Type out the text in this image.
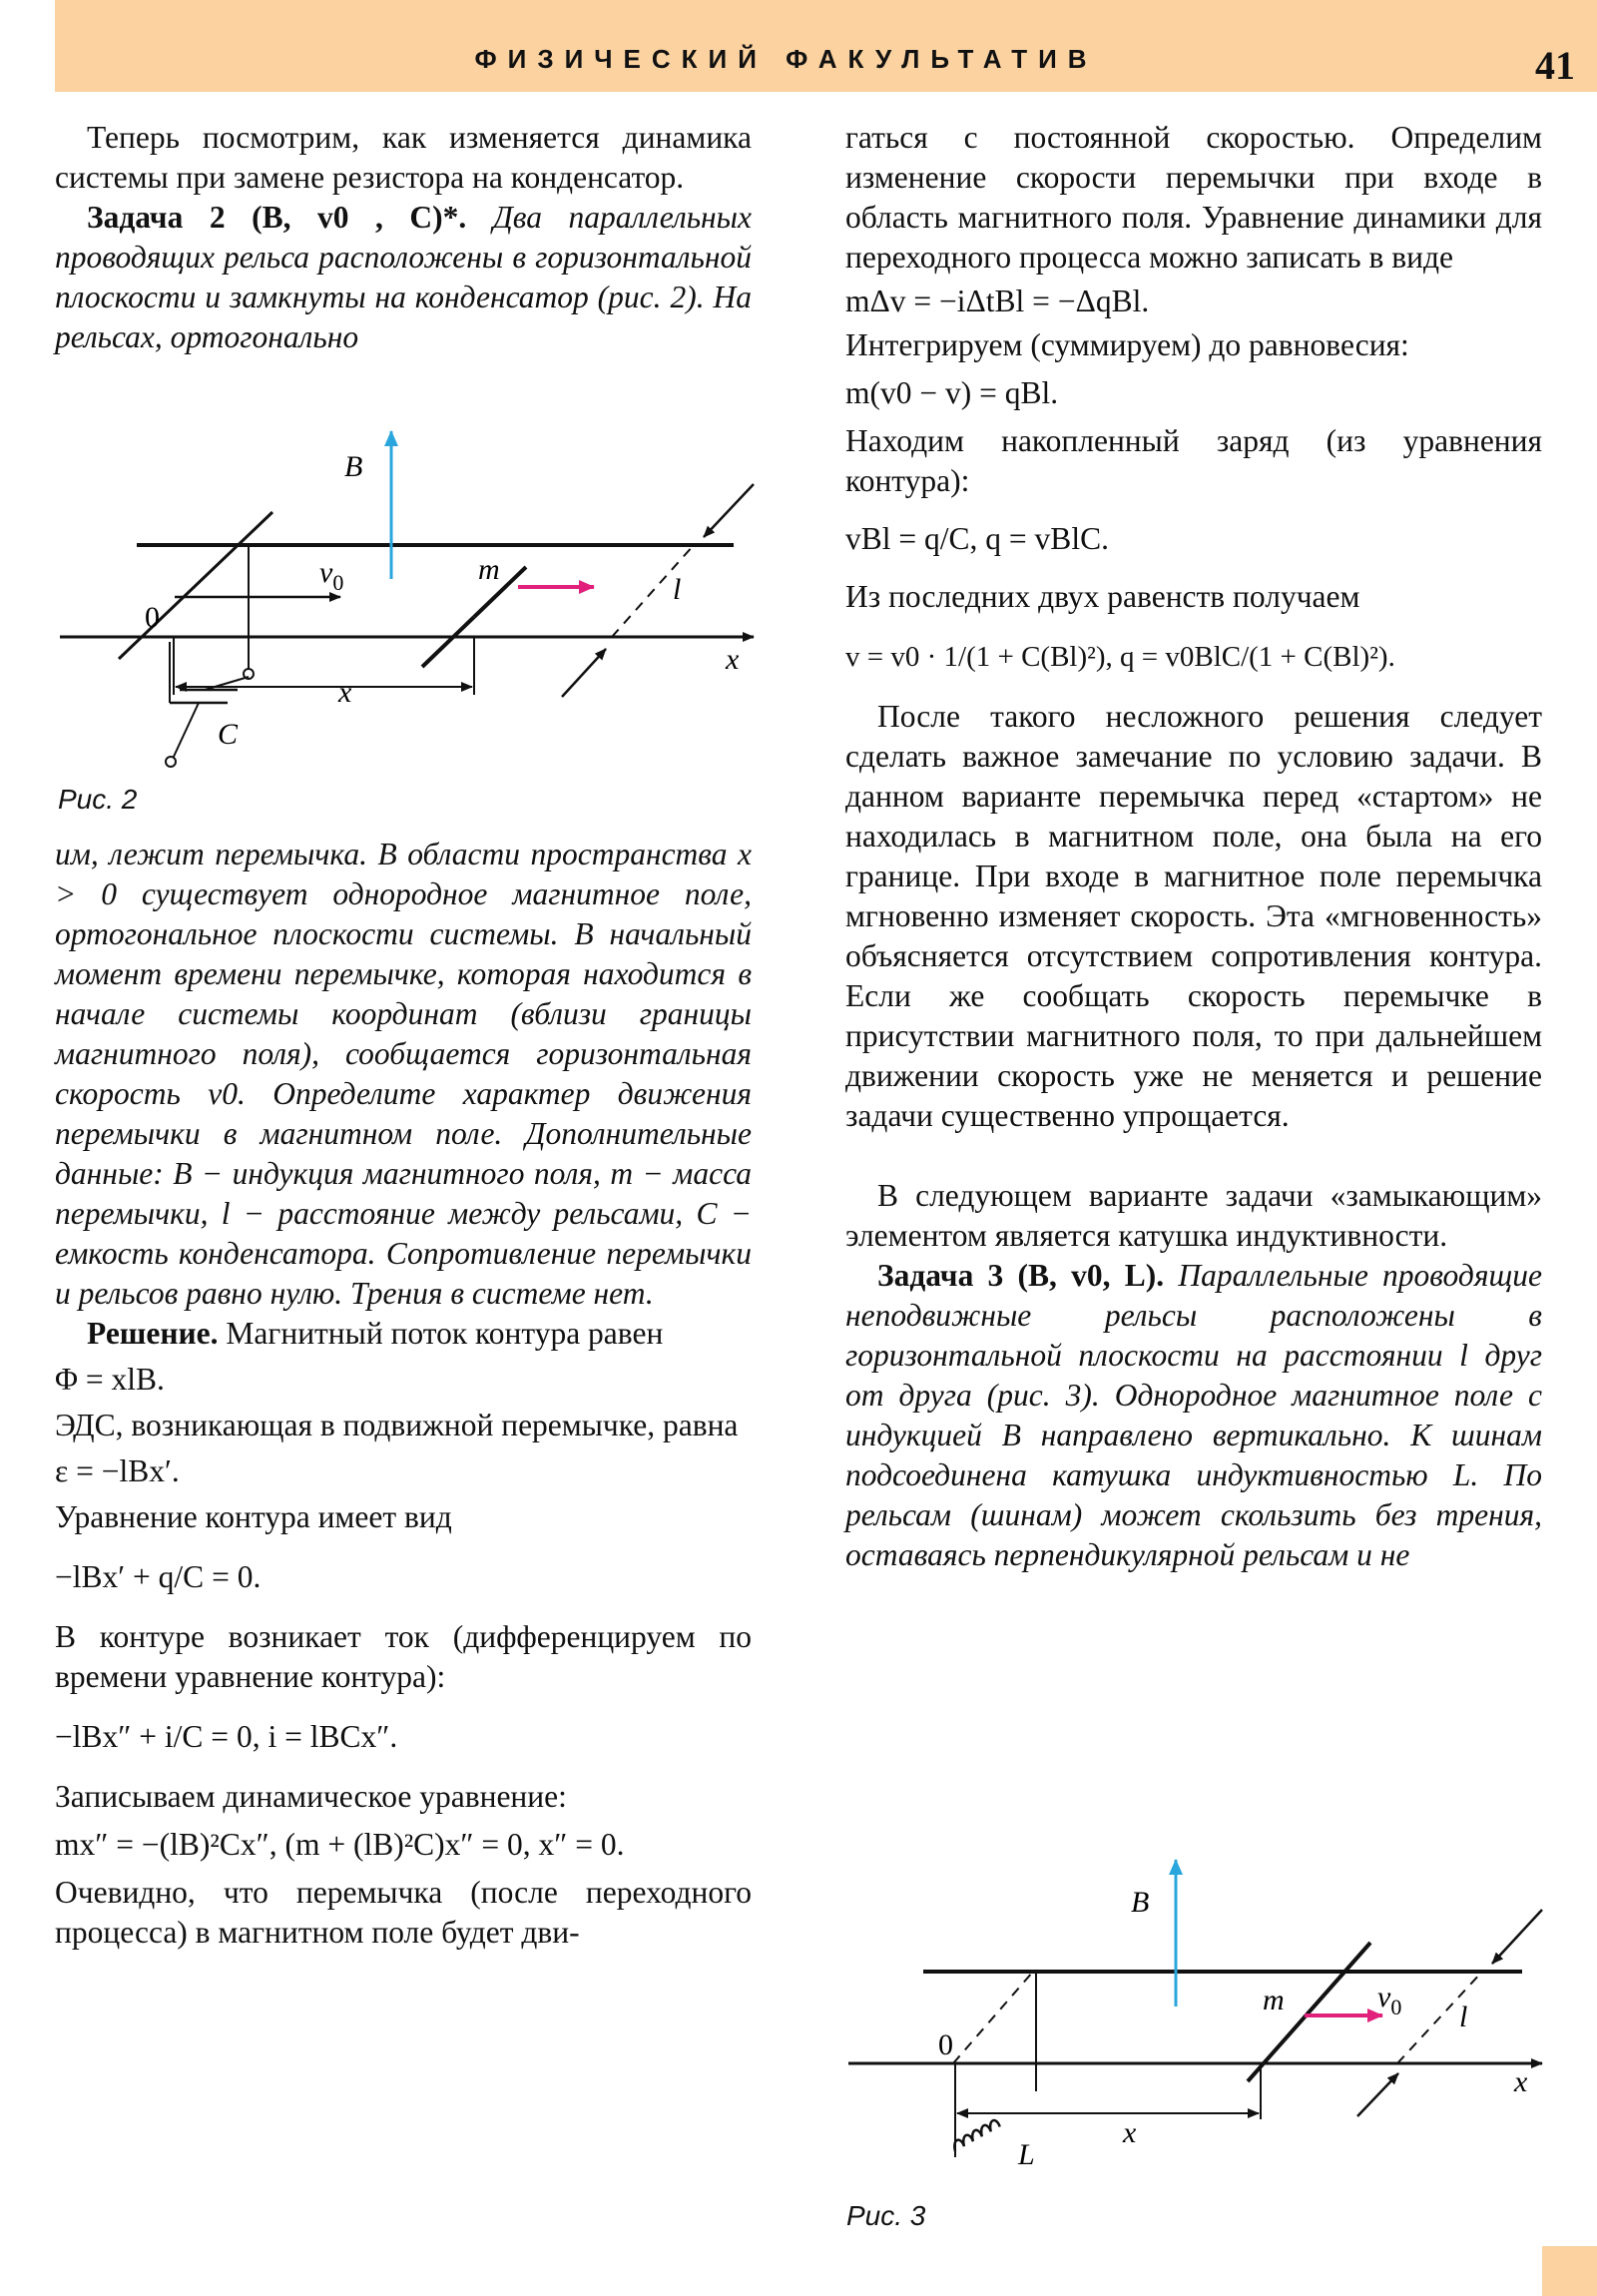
ФИЗИЧЕСКИЙ ФАКУЛЬТАТИВ	41

Теперь посмотрим, как изменяется динамика системы при замене резистора на конденсатор.

Задача 2 (B, v0 , C)*. Два параллельных проводящих рельса расположены в горизонтальной плоскости и замкнуты на конденсатор (рис. 2). На рельсах, ортогонально

B
$v_0$	m
l
x
0
x
C
Рис. 2

им, лежит перемычка. В области пространства x > 0 существует однородное магнитное поле, ортогональное плоскости системы. В начальный момент времени перемычке, которая находится в начале системы координат (вблизи границы магнитного поля), сообщается горизонтальная скорость v0. Определите характер движения перемычки в магнитном поле. Дополнительные данные: B − индукция магнитного поля, m − масса перемычки, l − расстояние между рельсами, C − емкость конденсатора. Сопротивление перемычки и рельсов равно нулю. Трения в системе нет.

Решение. Магнитный поток контура равен

Φ = xlB.

ЭДС, возникающая в подвижной перемычке, равна

ε = −lBx′.

Уравнение контура имеет вид

−lBx′ + q/C = 0.

В контуре возникает ток (дифференцируем по времени уравнение контура):

−lBx″ + i/C = 0, i = lBCx″.

Записываем динамическое уравнение:

mx″ = −(lB)²Cx″, (m + (lB)²C)x″ = 0, x″ = 0.

Очевидно, что перемычка (после переходного процесса) в магнитном поле будет дви-

гаться с постоянной скоростью. Определим изменение скорости перемычки при входе в область магнитного поля. Уравнение динамики для переходного процесса можно записать в виде

mΔv = −iΔtBl = −ΔqBl.

Интегрируем (суммируем) до равновесия:

m(v0 − v) = qBl.

Находим накопленный заряд (из уравнения контура):

vBl = q/C, q = vBlC.

Из последних двух равенств получаем

v = v0 · 1/(1 + C(Bl)²), q = v0BlC/(1 + C(Bl)²).

После такого несложного решения следует сделать важное замечание по условию задачи. В данном варианте перемычка перед «стартом» не находилась в магнитном поле, она была на его границе. При входе в магнитное поле перемычка мгновенно изменяет скорость. Эта «мгновенность» объясняется отсутствием сопротивления контура. Если же сообщать скорость перемычке в присутствии магнитного поля, то при дальнейшем движении скорость уже не меняется и решение задачи существенно упрощается.

В следующем варианте задачи «замыкающим» элементом является катушка индуктивности.

Задача 3 (B, v0, L). Параллельные проводящие неподвижные рельсы расположены в горизонтальной плоскости на расстоянии l друг от друга (рис. 3). Однородное магнитное поле с индукцией B направлено вертикально. К шинам подсоединена катушка индуктивностью L. По рельсам (шинам) может скользить без трения, оставаясь перпендикулярной рельсам и не

B
m	$v_0$ l
x
0
x
L
Рис. 3
